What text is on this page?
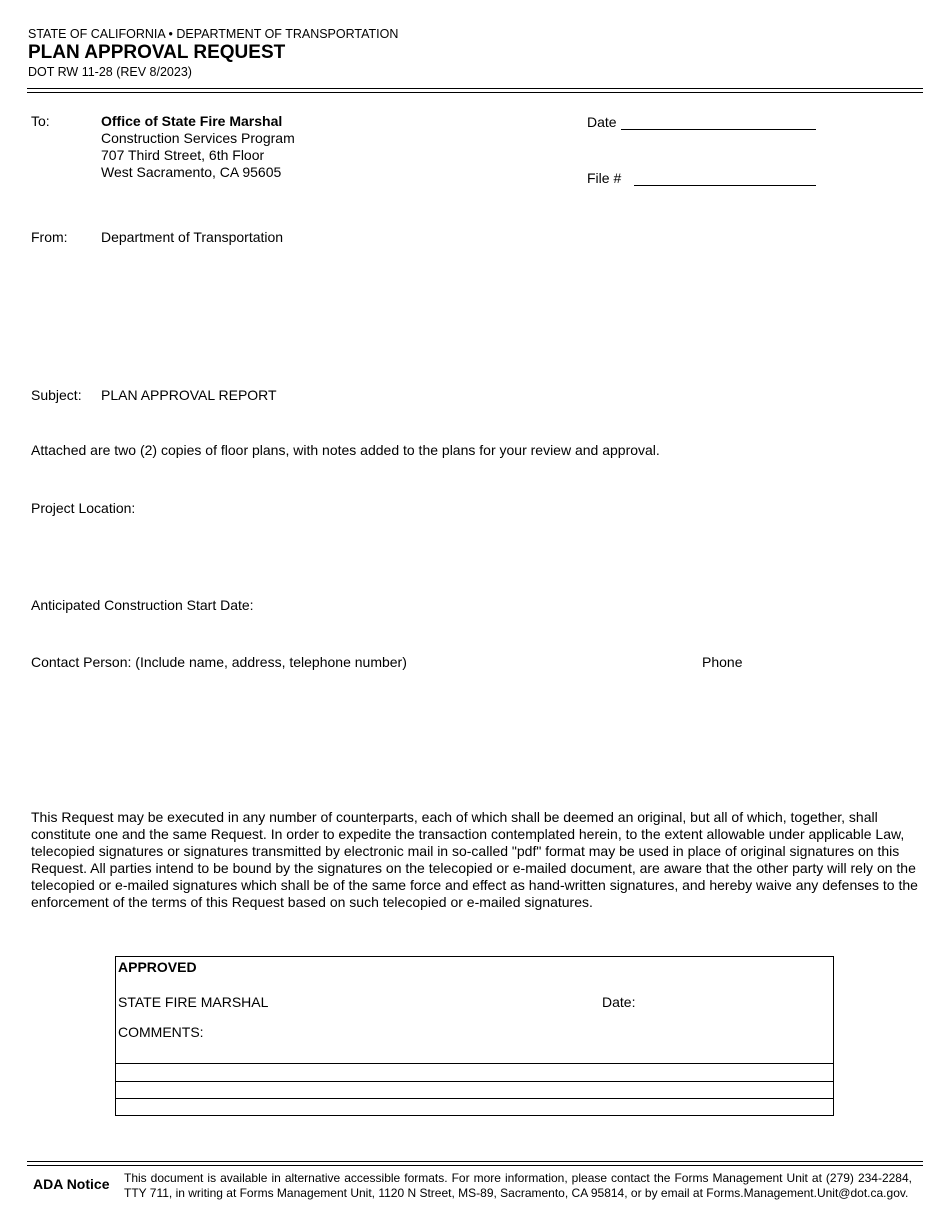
STATE OF CALIFORNIA • DEPARTMENT OF TRANSPORTATION
PLAN APPROVAL REQUEST
DOT RW 11-28 (REV 8/2023)
To:	Office of State Fire Marshal
Construction Services Program
707 Third Street, 6th Floor
West Sacramento, CA 95605
Date
File #
From: Department of Transportation
Subject: PLAN APPROVAL REPORT
Attached are two (2) copies of floor plans, with notes added to the plans for your review and approval.
Project Location:
Anticipated Construction Start Date:
Contact Person: (Include name, address, telephone number)	Phone
This Request may be executed in any number of counterparts, each of which shall be deemed an original, but all of which, together, shall constitute one and the same Request. In order to expedite the transaction contemplated herein, to the extent allowable under applicable Law, telecopied signatures or signatures transmitted by electronic mail in so-called "pdf" format may be used in place of original signatures on this Request. All parties intend to be bound by the signatures on the telecopied or e-mailed document, are aware that the other party will rely on the telecopied or e-mailed signatures which shall be of the same force and effect as hand-written signatures, and hereby waive any defenses to the enforcement of the terms of this Request based on such telecopied or e-mailed signatures.
APPROVED
STATE FIRE MARSHAL	Date:
COMMENTS:
ADA Notice This document is available in alternative accessible formats. For more information, please contact the Forms Management Unit at (279) 234-2284, TTY 711, in writing at Forms Management Unit, 1120 N Street, MS-89, Sacramento, CA 95814, or by email at Forms.Management.Unit@dot.ca.gov.
